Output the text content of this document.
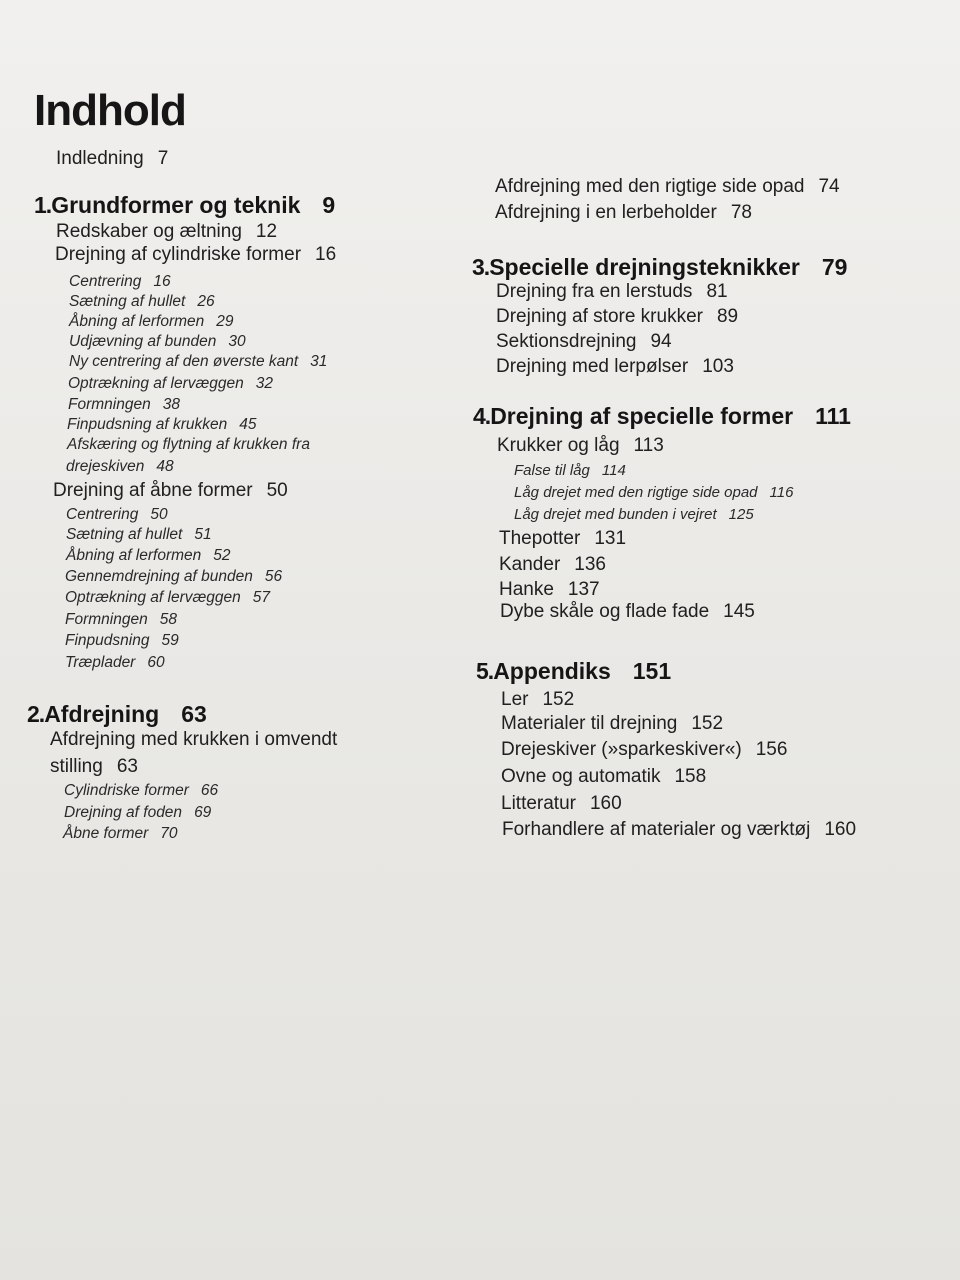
Indhold
Indledning 7
1.Grundformer og teknik 9
Redskaber og æltning 12
Drejning af cylindriske former 16
Centrering 16
Sætning af hullet 26
Åbning af lerformen 29
Udjævning af bunden 30
Ny centrering af den øverste kant 31
Optrækning af lervæggen 32
Formningen 38
Finpudsning af krukken 45
Afskæring og flytning af krukken fra
drejeskiven 48
Drejning af åbne former 50
Centrering 50
Sætning af hullet 51
Åbning af lerformen 52
Gennemdrejning af bunden 56
Optrækning af lervæggen 57
Formningen 58
Finpudsning 59
Træplader 60
2.Afdrejning 63
Afdrejning med krukken i omvendt
stilling 63
Cylindriske former 66
Drejning af foden 69
Åbne former 70
Afdrejning med den rigtige side opad 74
Afdrejning i en lerbeholder 78
3.Specielle drejningsteknikker 79
Drejning fra en lerstuds 81
Drejning af store krukker 89
Sektionsdrejning 94
Drejning med lerpølser 103
4.Drejning af specielle former 111
Krukker og låg 113
False til låg 114
Låg drejet med den rigtige side opad 116
Låg drejet med bunden i vejret 125
Thepotter 131
Kander 136
Hanke 137
Dybe skåle og flade fade 145
5.Appendiks 151
Ler 152
Materialer til drejning 152
Drejeskiver (»sparkeskiver«) 156
Ovne og automatik 158
Litteratur 160
Forhandlere af materialer og værktøj 160
